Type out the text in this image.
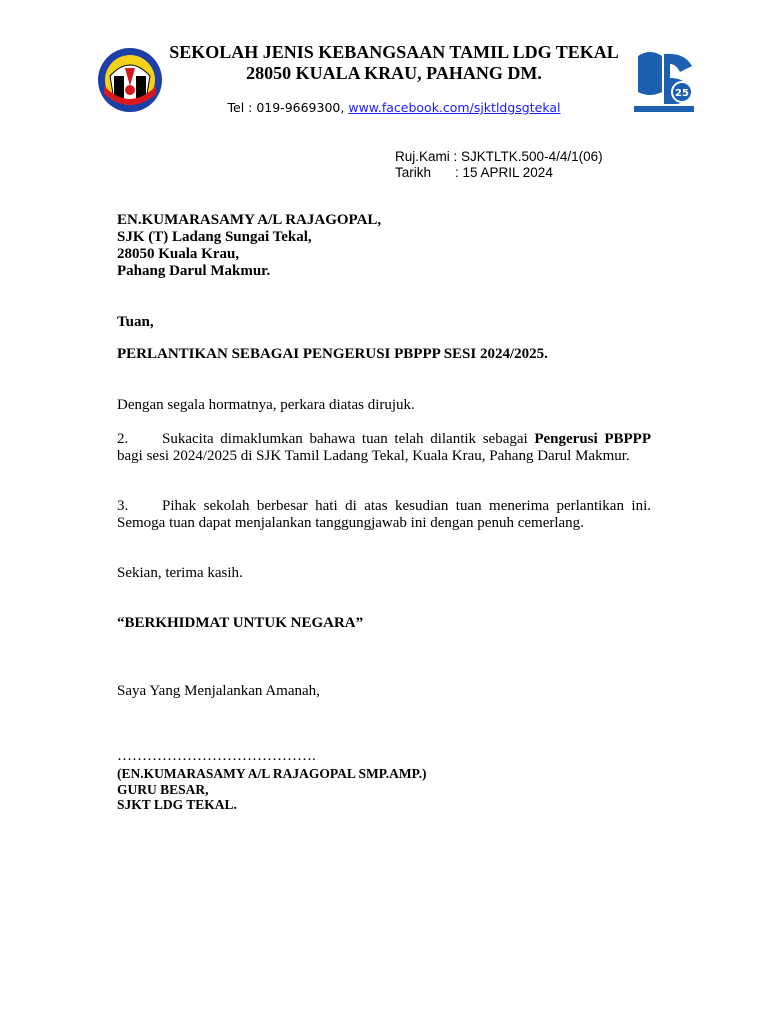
25
SEKOLAH JENIS KEBANGSAAN TAMIL LDG TEKAL
28050 KUALA KRAU, PAHANG DM.
Tel : 019-9669300, www.facebook.com/sjktldgsgtekal
Ruj.Kami : SJKTLTK.500-4/4/1(06)
Tarikh : 15 APRIL 2024
EN.KUMARASAMY A/L RAJAGOPAL,
SJK (T) Ladang Sungai Tekal,
28050 Kuala Krau,
Pahang Darul Makmur.
Tuan,
PERLANTIKAN SEBAGAI PENGERUSI PBPPP SESI 2024/2025.
Dengan segala hormatnya, perkara diatas dirujuk.
2. Sukacita dimaklumkan bahawa tuan telah dilantik sebagai Pengerusi PBPPP bagi sesi 2024/2025 di SJK Tamil Ladang Tekal, Kuala Krau, Pahang Darul Makmur.
3. Pihak sekolah berbesar hati di atas kesudian tuan menerima perlantikan ini. Semoga tuan dapat menjalankan tanggungjawab ini dengan penuh cemerlang.
Sekian, terima kasih.
“BERKHIDMAT UNTUK NEGARA”
Saya Yang Menjalankan Amanah,
………………………………….
(EN.KUMARASAMY A/L RAJAGOPAL SMP.AMP.)
GURU BESAR,
SJKT LDG TEKAL.
